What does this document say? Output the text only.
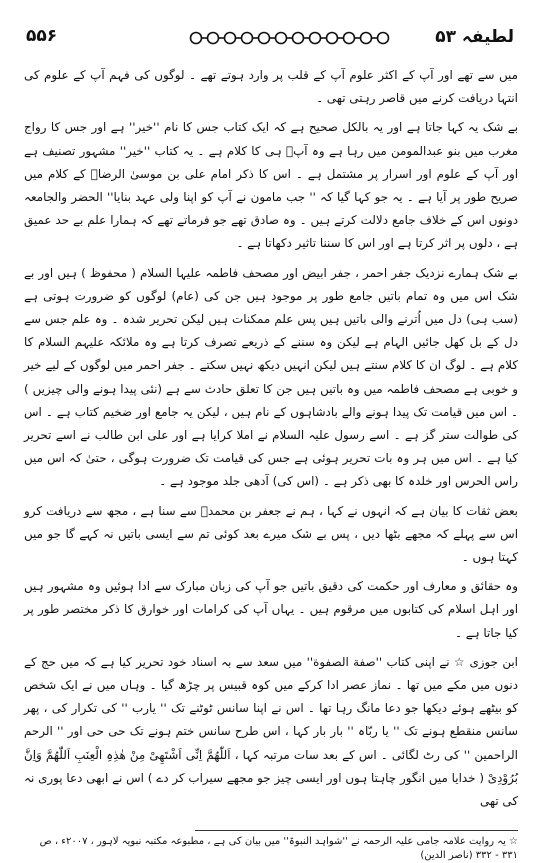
۵۵۶	لطیفہ ۵۳

میں سے تھے اور آپ کے اکثر علوم آپ کے قلب پر وارد ہوتے تھے ۔ لوگوں کی فہم آپ کے علوم کی انتہا دریافت کرنے میں قاصر رہتی تھی ۔

بے شک یہ کہا جاتا ہے اور یہ بالکل صحیح ہے کہ ایک کتاب جس کا نام ''خیر'' ہے اور جس کا رواج مغرب میں بنو عبدالمومن میں رہا ہے وہ آپؑ ہی کا کلام ہے ۔ یہ کتاب ''خیر'' مشہور تصنیف ہے اور آپ کے علوم اور اسرار پر مشتمل ہے ۔ اس کا ذکر امام علی بن موسیٰ الرضاؑ کے کلام میں صریح طور پر آیا ہے ۔ یہ جو کہا گیا کہ '' جب مامون نے آپ کو اپنا ولی عہد بنایا'' الحضر والجامعہ دونوں اس کے خلاف جامع دلالت کرتے ہیں ۔ وہ صادق تھے جو فرماتے تھے کہ ہمارا علم بے حد عمیق ہے ، دلوں پر اثر کرتا ہے اور اس کا سننا تاثیر دکھاتا ہے ۔

بے شک ہمارے نزدیک جفر احمر ، جفر ابیض اور مصحف فاطمہ علیہا السلام ( محفوظ ) ہیں اور بے شک اس میں وہ تمام باتیں جامع طور پر موجود ہیں جن کی (عام) لوگوں کو ضرورت ہوتی ہے (سب ہی) دل میں اُترنے والی باتیں ہیں پس علم ممکنات ہیں لیکن تحریر شدہ ۔ وہ علم جس سے دل کے بل کھل جائیں الہام ہے لیکن وہ سننے کے ذریعے تصرف کرتا ہے وہ ملائکہ علیہم السلام کا کلام ہے ۔ لوگ ان کا کلام سنتے ہیں لیکن انہیں دیکھ نہیں سکتے ۔ جفر احمر میں لوگوں کے لیے خیر و خوبی ہے مصحف فاطمہ میں وہ باتیں ہیں جن کا تعلق حادث سے ہے (نئی پیدا ہونے والی چیزیں ) ۔ اس میں قیامت تک پیدا ہونے والے بادشاہوں کے نام ہیں ، لیکن یہ جامع اور ضخیم کتاب ہے ۔ اس کی طوالت ستر گز ہے ۔ اسے رسول علیہ السلام نے املا کرایا ہے اور علی ابن طالب نے اسے تحریر کیا ہے ۔ اس میں ہر وہ بات تحریر ہوئی ہے جس کی قیامت تک ضرورت ہوگی ، حتیٰ کہ اس میں راس الحرس اور خلدہ کا بھی ذکر ہے ۔ (اس کی) آدھی جلد موجود ہے ۔

بعض ثقات کا بیان ہے کہ انہوں نے کہا ، ہم نے جعفر بن محمدؑ سے سنا ہے ، مجھ سے دریافت کرو اس سے پہلے کہ مجھے بٹھا دیں ، پس بے شک میرے بعد کوئی تم سے ایسی باتیں نہ کہے گا جو میں کہتا ہوں ۔

وہ حقائق و معارف اور حکمت کی دقیق باتیں جو آپ کی زبان مبارک سے ادا ہوئیں وہ مشہور ہیں اور اہل اسلام کی کتابوں میں مرقوم ہیں ۔ یہاں آپ کی کرامات اور خوارق کا ذکر مختصر طور پر کیا جاتا ہے ۔

ابن جوزی ☆ نے اپنی کتاب ''صفة الصفوة'' میں سعد سے بہ اسناد خود تحریر کیا ہے کہ میں حج کے دنوں میں مکے میں تھا ۔ نماز عصر ادا کرکے میں کوہ قبیس پر چڑھ گیا ۔ وہاں میں نے ایک شخص کو بیٹھے ہوئے دیکھا جو دعا مانگ رہا تھا ۔ اس نے اپنا سانس ٹوٹنے تک '' یارب '' کی تکرار کی ، پھر سانس منقطع ہونے تک '' یا ربّاہ '' بار بار کہا ، اس طرح سانس ختم ہونے تک حی حی اور '' الرحم الراحمین '' کی رٹ لگائی ۔ اس کے بعد سات مرتبہ کہا ، اَللّٰھُمَّ اِنِّی اَشْتَھِیْ مِنْ ھٰذِہِ الْعِنَبِ اَللّٰھُمَّ وَاِنَّ بُرُوْدِیْ ( خدایا میں انگور چاہتا ہوں اور ایسی چیز جو مجھے سیراب کر دے ) اس نے ابھی دعا پوری نہ کی تھی

☆ یہ روایت علامہ جامی علیہ الرحمہ نے ''شواہد النبوۃ'' میں بیان کی ہے ، مطبوعہ مکتبہ نبویہ لاہور ، ۲۰۰۷ء ، ص ۳۳۱ - ۳۳۲ (ناصر الدین)
